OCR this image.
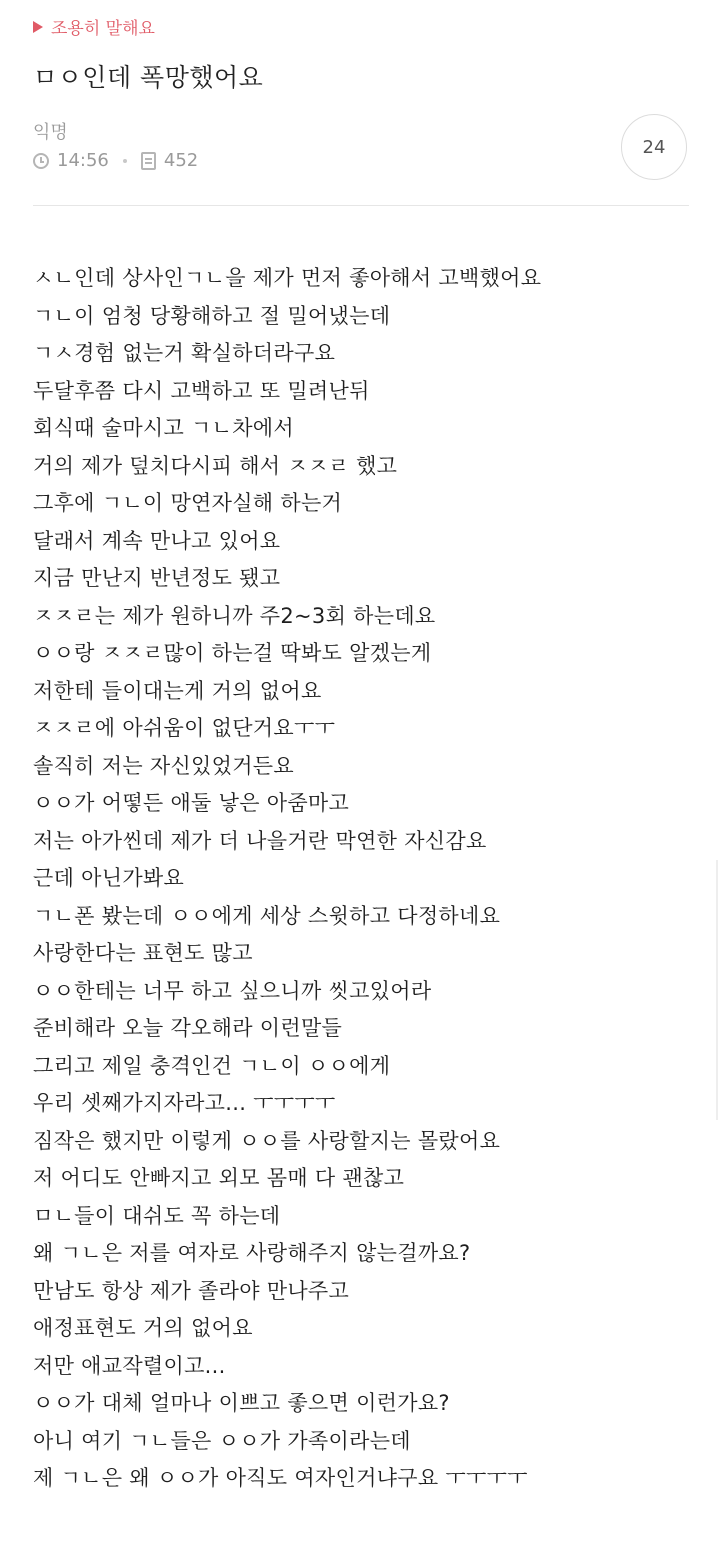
조용히 말해요
ㅁㅇ인데 폭망했어요
익명
14:56	452
24
ㅅㄴ인데 상사인ㄱㄴ을 제가 먼저 좋아해서 고백했어요
ㄱㄴ이 엄청 당황해하고 절 밀어냈는데
ㄱㅅ경험 없는거 확실하더라구요
두달후쯤 다시 고백하고 또 밀려난뒤
회식때 술마시고 ㄱㄴ차에서
거의 제가 덮치다시피 해서 ㅈㅈㄹ 했고
그후에 ㄱㄴ이 망연자실해 하는거
달래서 계속 만나고 있어요
지금 만난지 반년정도 됐고
ㅈㅈㄹ는 제가 원하니까 주2~3회 하는데요
ㅇㅇ랑 ㅈㅈㄹ많이 하는걸 딱봐도 알겠는게
저한테 들이대는게 거의 없어요
ㅈㅈㄹ에 아쉬움이 없단거요ㅜㅜ
솔직히 저는 자신있었거든요
ㅇㅇ가 어떻든 애둘 낳은 아줌마고
저는 아가씬데 제가 더 나을거란 막연한 자신감요
근데 아닌가봐요
ㄱㄴ폰 봤는데 ㅇㅇ에게 세상 스윗하고 다정하네요
사랑한다는 표현도 많고
ㅇㅇ한테는 너무 하고 싶으니까 씻고있어라
준비해라 오늘 각오해라 이런말들
그리고 제일 충격인건 ㄱㄴ이 ㅇㅇ에게
우리 셋째가지자라고... ㅜㅜㅜㅜ
짐작은 했지만 이렇게 ㅇㅇ를 사랑할지는 몰랐어요
저 어디도 안빠지고 외모 몸매 다 괜찮고
ㅁㄴ들이 대쉬도 꼭 하는데
왜 ㄱㄴ은 저를 여자로 사랑해주지 않는걸까요?
만남도 항상 제가 졸라야 만나주고
애정표현도 거의 없어요
저만 애교작렬이고...
ㅇㅇ가 대체 얼마나 이쁘고 좋으면 이런가요?
아니 여기 ㄱㄴ들은 ㅇㅇ가 가족이라는데
제 ㄱㄴ은 왜 ㅇㅇ가 아직도 여자인거냐구요 ㅜㅜㅜㅜ
